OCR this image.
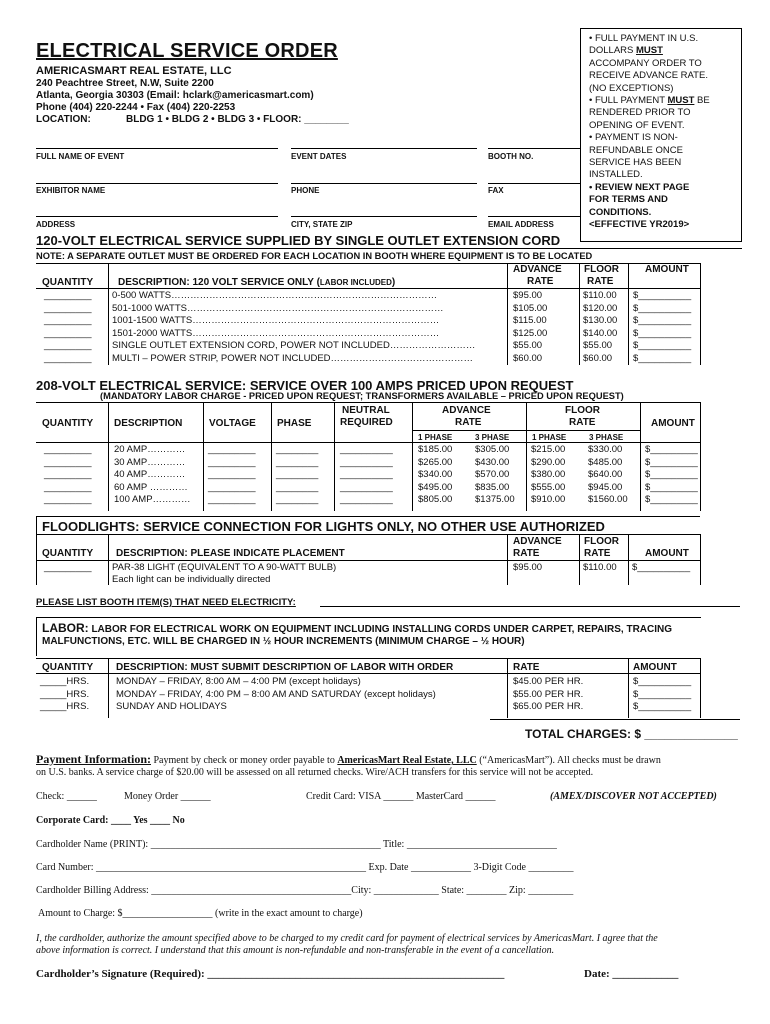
ELECTRICAL SERVICE ORDER
AMERICASMART REAL ESTATE, LLC
240 Peachtree Street, N.W, Suite 2200
Atlanta, Georgia 30303 (Email: hclark@americasmart.com)
Phone (404) 220-2244 • Fax (404) 220-2253
LOCATION:	BLDG 1 • BLDG 2 • BLDG 3 • FLOOR: ________
• FULL PAYMENT IN U.S.
DOLLARS MUST
ACCOMPANY ORDER TO
RECEIVE ADVANCE RATE.
(NO EXCEPTIONS)
• FULL PAYMENT MUST BE
RENDERED PRIOR TO
OPENING OF EVENT.
• PAYMENT IS NON-
REFUNDABLE ONCE
SERVICE HAS BEEN
INSTALLED.
• REVIEW NEXT PAGE
FOR TERMS AND
CONDITIONS.
<EFFECTIVE YR2019>
FULL NAME OF EVENT	EVENT DATES	BOOTH NO.
EXHIBITOR NAME	PHONE	FAX
ADDRESS	CITY, STATE ZIP	EMAIL ADDRESS
120-VOLT ELECTRICAL SERVICE SUPPLIED BY SINGLE OUTLET EXTENSION CORD
NOTE: A SEPARATE OUTLET MUST BE ORDERED FOR EACH LOCATION IN BOOTH WHERE EQUIPMENT IS TO BE LOCATED
QUANTITY DESCRIPTION: 120 VOLT SERVICE ONLY (LABOR INCLUDED)
ADVANCE
RATE
FLOOR
RATE
AMOUNT
_________ 0-500 WATTS…………………………………………………………………………	$95.00	$110.00 $__________
_________ 501-1000 WATTS………………………………………………………………………	$105.00	$120.00 $__________
_________ 1001-1500 WATTS……………………………………………………………………	$115.00	$130.00 $__________
_________ 1501-2000 WATTS……………………………………………………………………	$125.00	$140.00 $__________
_________ SINGLE OUTLET EXTENSION CORD, POWER NOT INCLUDED………………………	$55.00	$55.00 $__________
_________ MULTI – POWER STRIP, POWER NOT INCLUDED………………………………………	$60.00	$60.00 $__________
208-VOLT ELECTRICAL SERVICE: SERVICE OVER 100 AMPS PRICED UPON REQUEST
(MANDATORY LABOR CHARGE - PRICED UPON REQUEST; TRANSFORMERS AVAILABLE – PRICED UPON REQUEST)
QUANTITY DESCRIPTION	VOLTAGE PHASE
NEUTRAL
REQUIRED
ADVANCE
RATE
FLOOR
RATE	AMOUNT
1 PHASE	3 PHASE	1 PHASE	3 PHASE
_________ 20 AMP………… _________ ________ __________	$185.00 $305.00 $215.00 $330.00 $_________
_________ 30 AMP………… _________ ________ __________	$265.00 $430.00 $290.00 $485.00 $_________
_________ 40 AMP………… _________ ________ __________	$340.00 $570.00 $380.00 $640.00 $_________
_________ 60 AMP ………… _________ ________ __________	$495.00 $835.00 $555.00 $945.00 $_________
_________ 100 AMP………… _________ ________ __________	$805.00 $1375.00 $910.00 $1560.00 $_________
FLOODLIGHTS: SERVICE CONNECTION FOR LIGHTS ONLY, NO OTHER USE AUTHORIZED
QUANTITY DESCRIPTION: PLEASE INDICATE PLACEMENT
ADVANCE
RATE
FLOOR
RATE	AMOUNT
_________ PAR-38 LIGHT (EQUIVALENT TO A 90-WATT BULB)
Each light can be individually directed
$95.00	$110.00 $__________
PLEASE LIST BOOTH ITEM(S) THAT NEED ELECTRICITY:
LABOR: LABOR FOR ELECTRICAL WORK ON EQUIPMENT INCLUDING INSTALLING CORDS UNDER CARPET, REPAIRS, TRACING
MALFUNCTIONS, ETC. WILL BE CHARGED IN ½ HOUR INCREMENTS (MINIMUM CHARGE – ½ HOUR)
QUANTITY DESCRIPTION: MUST SUBMIT DESCRIPTION OF LABOR WITH ORDER	RATE	AMOUNT
_____HRS.	MONDAY – FRIDAY, 8:00 AM – 4:00 PM (except holidays)	$45.00 PER HR.	$__________
_____HRS.	MONDAY – FRIDAY, 4:00 PM – 8:00 AM AND SATURDAY (except holidays)	$55.00 PER HR.	$__________
_____HRS.	SUNDAY AND HOLIDAYS	$65.00 PER HR.	$__________
TOTAL CHARGES: $ ______________
Payment Information: Payment by check or money order payable to AmericasMart Real Estate, LLC (“AmericasMart”). All checks must be drawn
on U.S. banks. A service charge of $20.00 will be assessed on all returned checks. Wire/ACH transfers for this service will not be accepted.
Check: ______	Money Order ______	Credit Card: VISA ______ MasterCard ______	(AMEX/DISCOVER NOT ACCEPTED)
Corporate Card: ____ Yes ____ No
Cardholder Name (PRINT): ______________________________________________ Title: ______________________________
Card Number: ______________________________________________________ Exp. Date ____________ 3-Digit Code _________
Cardholder Billing Address: ________________________________________City: _____________ State: ________ Zip: _________
Amount to Charge: $__________________ (write in the exact amount to charge)
I, the cardholder, authorize the amount specified above to be charged to my credit card for payment of electrical services by AmericasMart. I agree that the
above information is correct. I understand that this amount is non-refundable and non-transferable in the event of a cancellation.
Cardholder’s Signature (Required): ______________________________________________________	Date: ____________
